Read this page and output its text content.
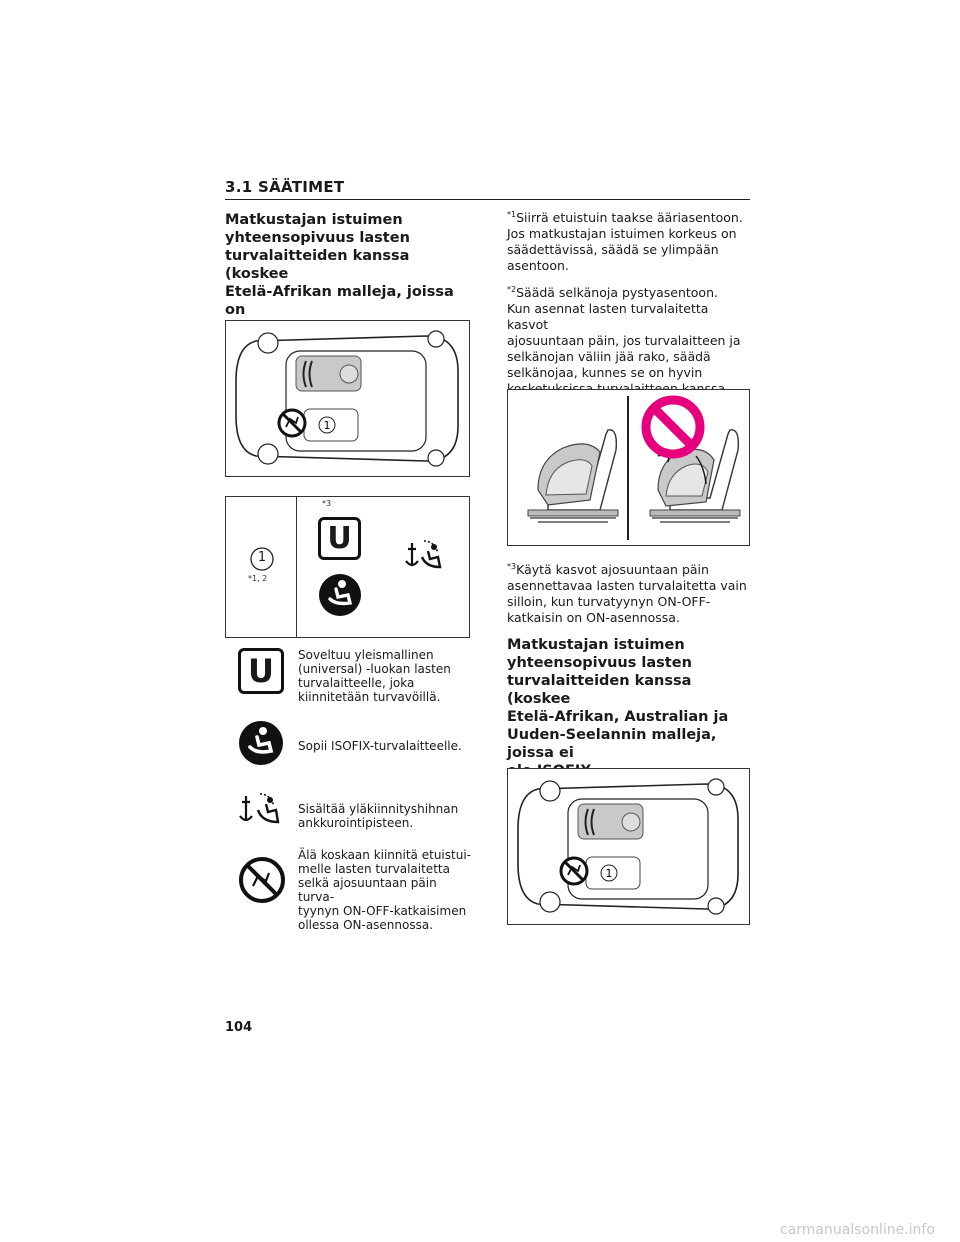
3.1 SÄÄTIMET
Matkustajan istuimen
yhteensopivuus lasten
turvalaitteiden kanssa (koskee
Etelä-Afrikan malleja, joissa on
1
1
*1, 2
*3
U
U	Soveltuu yleismallinen
(universal) -luokan lasten
turvalaitteelle, joka
kiinnitetään turvavöillä.
Sopii ISOFIX-turvalaitteelle.
Sisältää yläkiinnityshihnan
ankkurointipisteen.
Älä koskaan kiinnitä etuistui-
melle lasten turvalaitetta
selkä ajosuuntaan päin turva-
tyynyn ON-OFF-katkaisimen
ollessa ON-asennossa.
$^{*1}$Siirrä etuistuin taakse ääriasentoon.
Jos matkustajan istuimen korkeus on
säädettävissä, säädä se ylimpään
asentoon.
$^{*2}$Säädä selkänoja pystyasentoon.
Kun asennat lasten turvalaitetta kasvot
ajosuuntaan päin, jos turvalaitteen ja
selkänojan väliin jää rako, säädä
selkänojaa, kunnes se on hyvin
$^{*3}$Käytä kasvot ajosuuntaan päin
asennettavaa lasten turvalaitetta vain
silloin, kun turvatyynyn ON-OFF-
katkaisin on ON-asennossa.
Matkustajan istuimen
yhteensopivuus lasten
turvalaitteiden kanssa (koskee
Etelä-Afrikan, Australian ja
Uuden-Seelannin malleja, joissa ei
1
104
carmanualsonline.info
